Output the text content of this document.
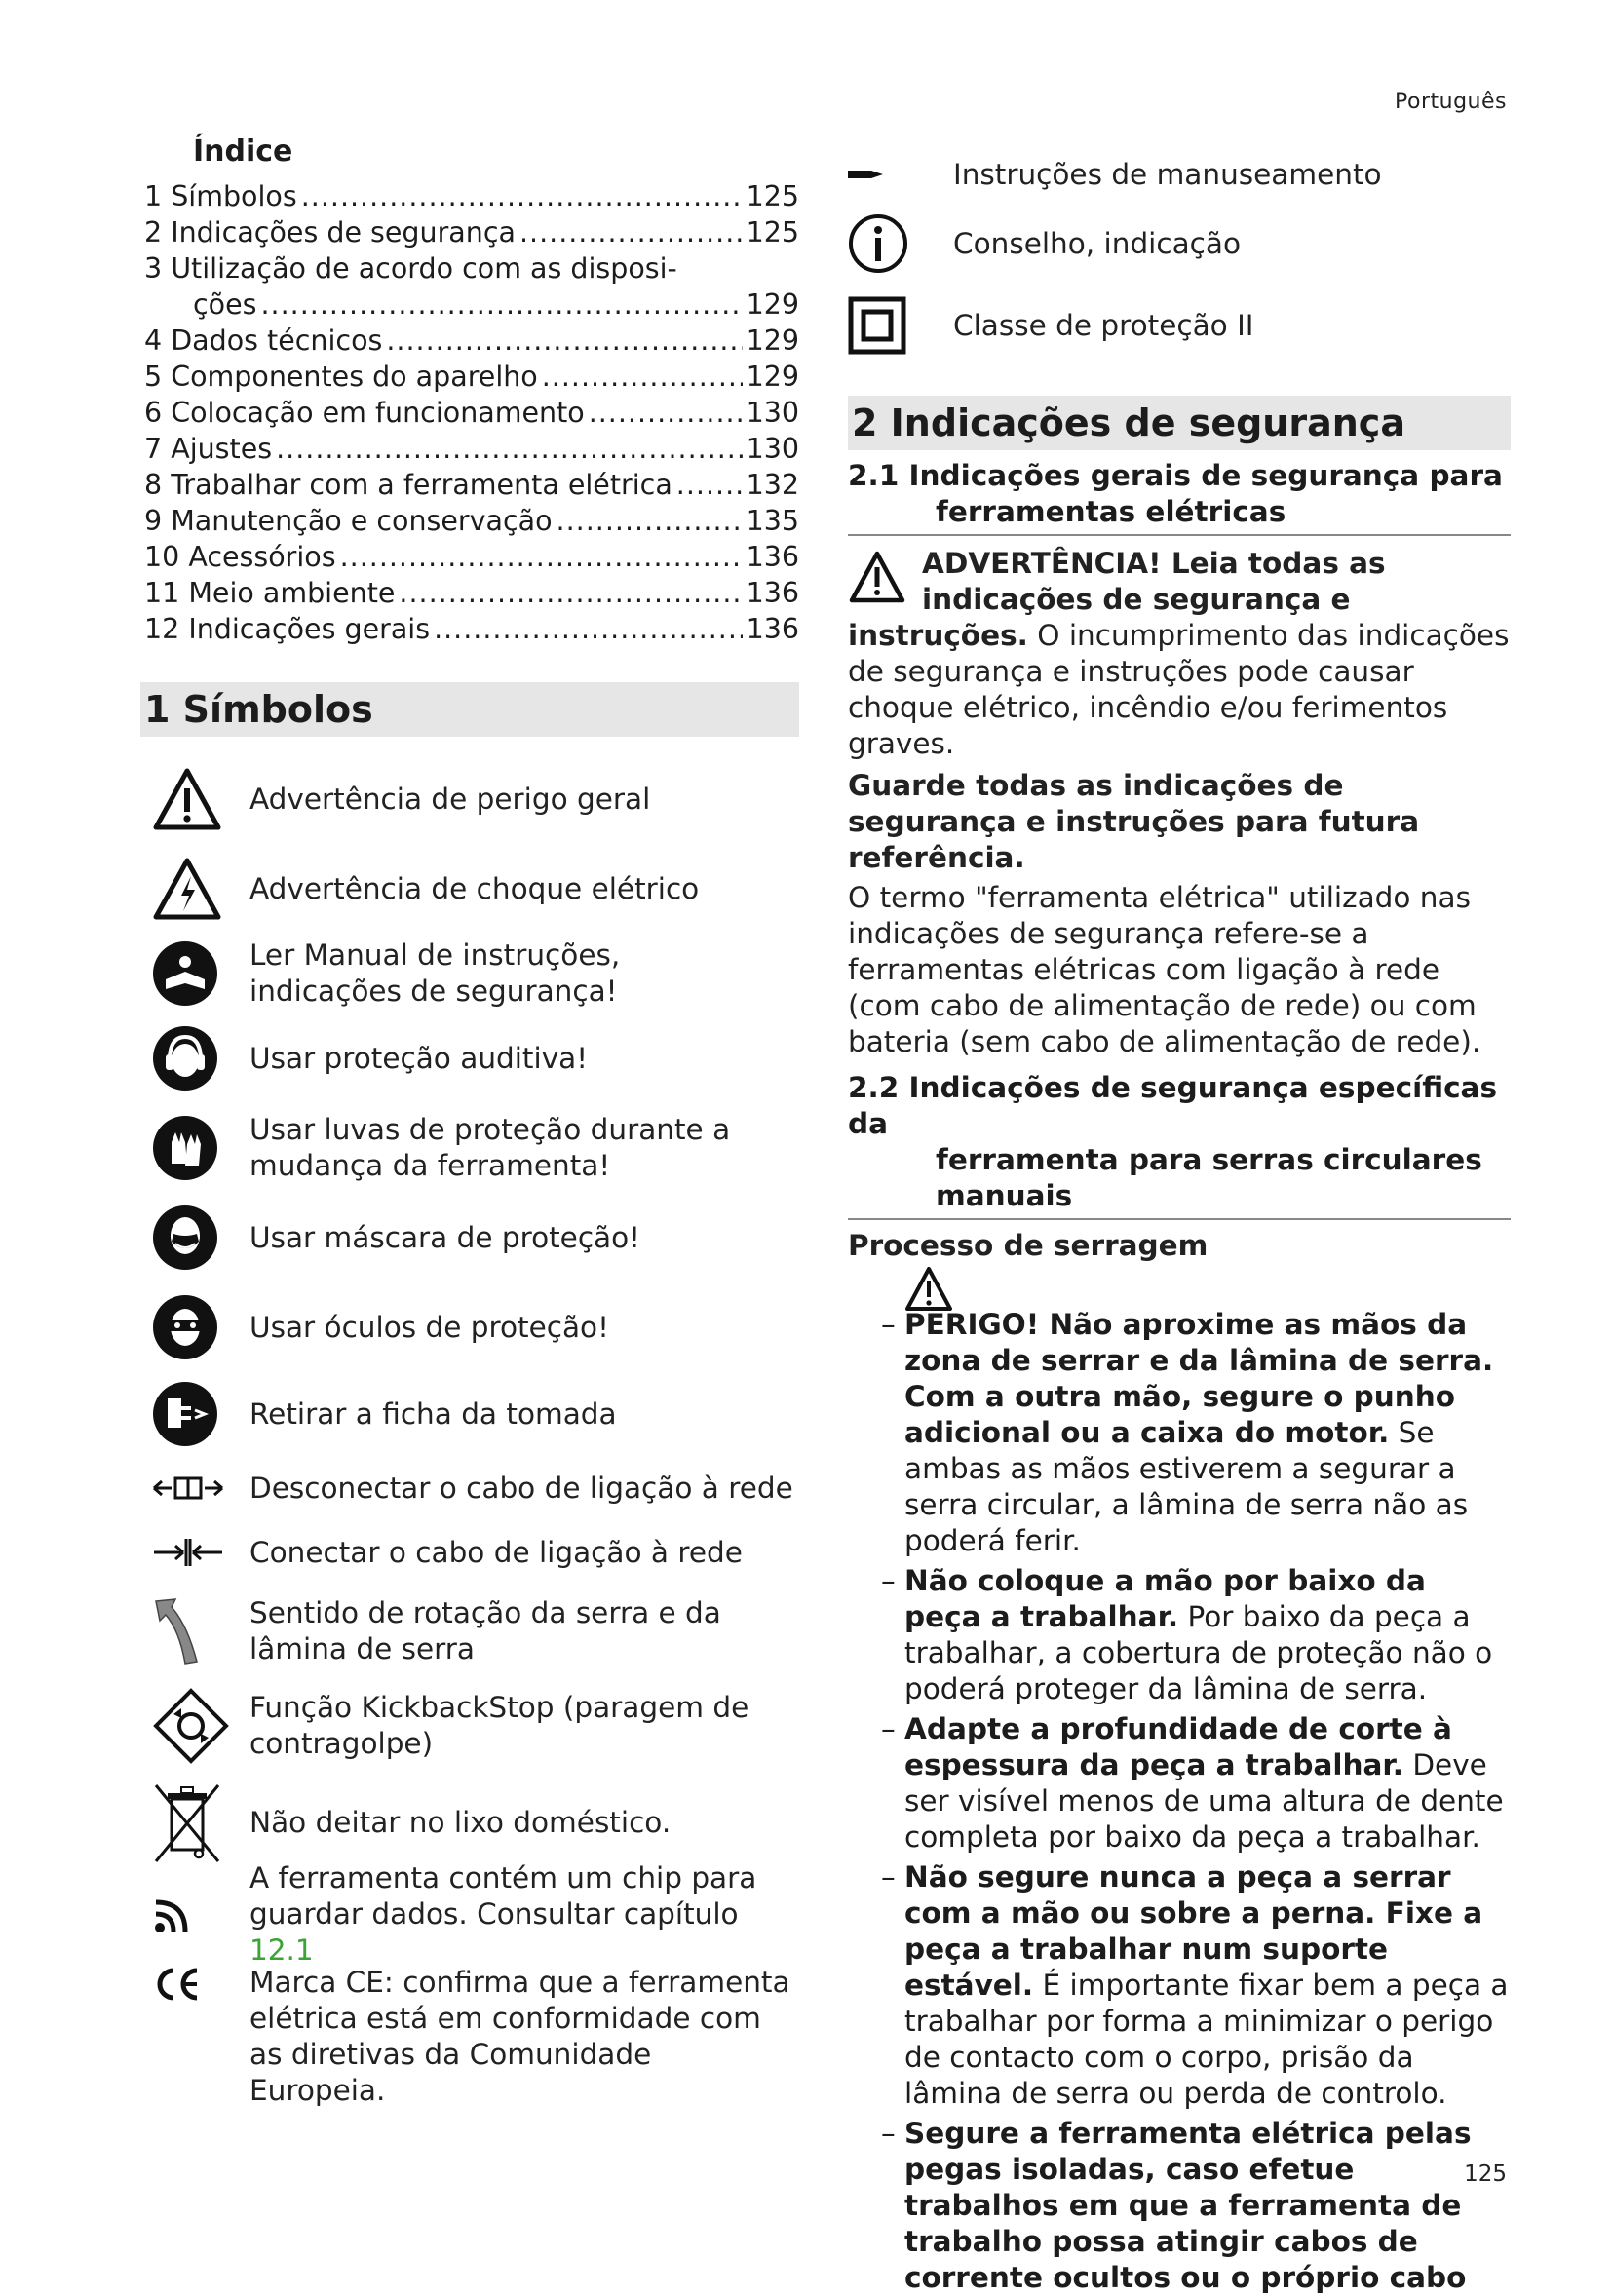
Português
Índice
1 Símbolos .....	125
2 Indicações de segurança .....	125
3 Utilização de acordo com as disposi-
ções .....	129
4 Dados técnicos .....	129
5 Componentes do aparelho .....	129
6 Colocação em funcionamento .....	130
7 Ajustes .....	130
8 Trabalhar com a ferramenta elétrica .....	132
9 Manutenção e conservação .....	135
10 Acessórios .....	136
11 Meio ambiente .....	136
12 Indicações gerais .....	136
1 Símbolos
Advertência de perigo geral
Advertência de choque elétrico
Ler Manual de instruções, indicações de segurança!
Usar proteção auditiva!
Usar luvas de proteção durante a mudança da ferramenta!
Usar máscara de proteção!
Usar óculos de proteção!
Retirar a ficha da tomada
Desconectar o cabo de ligação à rede
Conectar o cabo de ligação à rede
Sentido de rotação da serra e da lâmina de serra
Função KickbackStop (paragem de contragolpe)
Não deitar no lixo doméstico.
A ferramenta contém um chip para guardar dados. Consultar capítulo 12.1
Marca CE: confirma que a ferramenta elétrica está em conformidade com as diretivas da Comunidade Europeia.
Instruções de manuseamento
Conselho, indicação
Classe de proteção II
2 Indicações de segurança
2.1 Indicações gerais de segurança para
ferramentas elétricas
ADVERTÊNCIA! Leia todas as indicações de segurança e instruções. O incumprimento das indicações de segurança e instruções pode causar choque elétrico, incêndio e/ou ferimentos graves.
Guarde todas as indicações de segurança e instruções para futura referência.
O termo "ferramenta elétrica" utilizado nas indicações de segurança refere-se a ferramentas elétricas com ligação à rede (com cabo de alimentação de rede) ou com bateria (sem cabo de alimentação de rede).
2.2 Indicações de segurança específicas da
ferramenta para serras circulares manuais
Processo de serragem

– PERIGO! Não aproxime as mãos da zona de serrar e da lâmina de serra. Com a outra mão, segure o punho adicional ou a caixa do motor. Se ambas as mãos estiverem a segurar a serra circular, a lâmina de serra não as poderá ferir.

– Não coloque a mão por baixo da peça a trabalhar. Por baixo da peça a trabalhar, a cobertura de proteção não o poderá proteger da lâmina de serra.

– Adapte a profundidade de corte à espessura da peça a trabalhar. Deve ser visível menos de uma altura de dente completa por baixo da peça a trabalhar.

– Não segure nunca a peça a serrar com a mão ou sobre a perna. Fixe a peça a trabalhar num suporte estável. É importante fixar bem a peça a trabalhar por forma a minimizar o perigo de contacto com o corpo, prisão da lâmina de serra ou perda de controlo.

– Segure a ferramenta elétrica pelas pegas isoladas, caso efetue trabalhos em que a ferramenta de trabalho possa atingir cabos de corrente ocultos ou o próprio cabo

125
